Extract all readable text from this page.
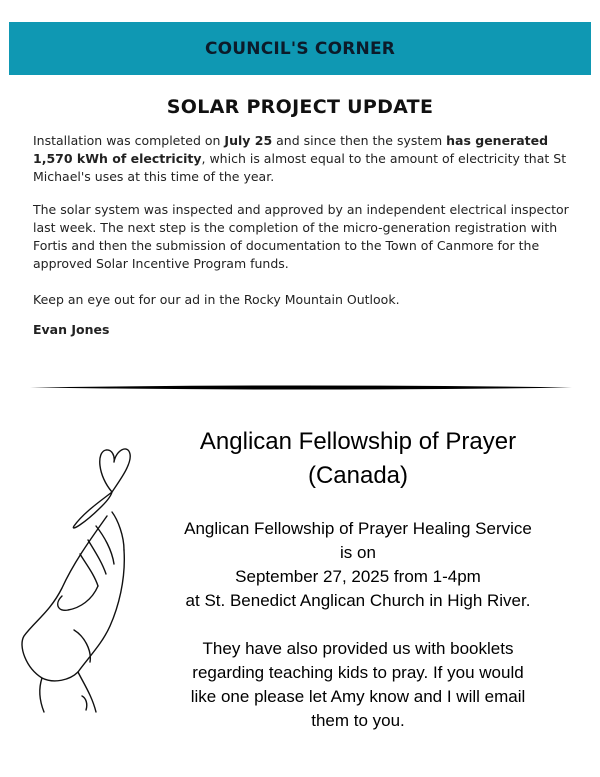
COUNCIL'S CORNER
SOLAR PROJECT UPDATE

Installation was completed on July 25 and since then the system has generated 1,570 kWh of electricity, which is almost equal to the amount of electricity that St Michael's uses at this time of the year.

The solar system was inspected and approved by an independent electrical inspector last week. The next step is the completion of the micro-generation registration with Fortis and then the submission of documentation to the Town of Canmore for the approved Solar Incentive Program funds.

Keep an eye out for our ad in the Rocky Mountain Outlook.

Evan Jones

Anglican Fellowship of Prayer

(Canada)

Anglican Fellowship of Prayer Healing Service
is on
September 27, 2025 from 1-4pm
at St. Benedict Anglican Church in High River.
They have also provided us with booklets
regarding teaching kids to pray. If you would
like one please let Amy know and I will email
them to you.
